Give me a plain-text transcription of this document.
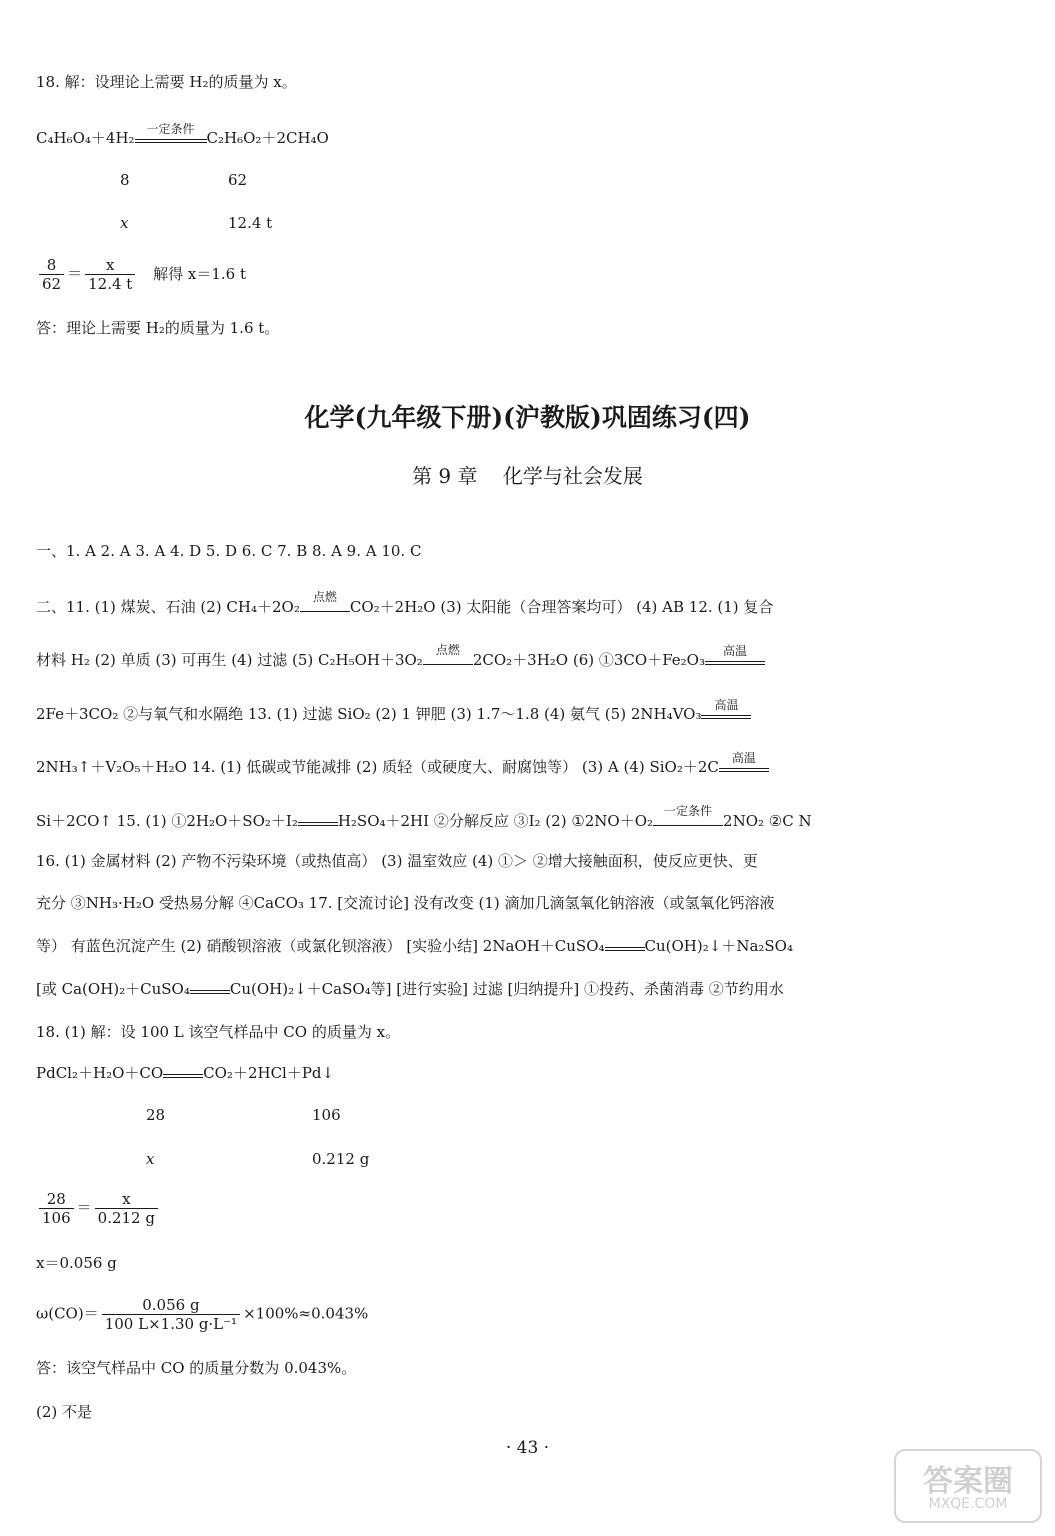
18. 解：设理论上需要 H₂的质量为 x。
C₄H₆O₄＋4H₂ 一定条件 C₂H₆O₂＋2CH₄O
8	62
x	12.4 t
$\frac{8}{62} = \frac{x}{12.4 t}$ 解得 x＝1.6 t
答：理论上需要 H₂的质量为 1.6 t。
化学(九年级下册)(沪教版)巩固练习(四)
第 9 章    化学与社会发展
一、1. A 2. A 3. A 4. D 5. D 6. C 7. B 8. A 9. A 10. C
二、11. (1) 煤炭、石油 (2) CH₄＋2O₂
点燃
CO₂＋2H₂O (3) 太阳能（合理答案均可） (4) AB 12. (1) 复合
材料 H₂ (2) 单质 (3) 可再生 (4) 过滤 (5) C₂H₅OH＋3O₂
点燃
2CO₂＋3H₂O (6) ①3CO＋Fe₂O₃	高温
2Fe＋3CO₂ ②与氧气和水隔绝 13. (1) 过滤 SiO₂ (2) 1 钾肥 (3) 1.7～1.8 (4) 氨气 (5) 2NH₄VO₃	高温
2NH₃↑＋V₂O₅＋H₂O 14. (1) 低碳或节能减排 (2) 质轻（或硬度大、耐腐蚀等） (3) A (4) SiO₂＋2C	高温
Si＋2CO↑ 15. (1) ①2H₂O＋SO₂＋I₂	H₂SO₄＋2HI ②分解反应 ③I₂ (2) ①2NO＋O₂
一定条件
2NO₂ ②C N
16. (1) 金属材料 (2) 产物不污染环境（或热值高） (3) 温室效应 (4) ①＞ ②增大接触面积，使反应更快、更
充分 ③NH₃·H₂O 受热易分解 ④CaCO₃ 17. [交流讨论] 没有改变 (1) 滴加几滴氢氧化钠溶液（或氢氧化钙溶液
等） 有蓝色沉淀产生 (2) 硝酸钡溶液（或氯化钡溶液） [实验小结] 2NaOH＋CuSO₄	Cu(OH)₂↓＋Na₂SO₄
[或 Ca(OH)₂＋CuSO₄	Cu(OH)₂↓＋CaSO₄等] [进行实验] 过滤 [归纳提升] ①投药、杀菌消毒 ②节约用水
18. (1) 解：设 100 L 该空气样品中 CO 的质量为 x。
PdCl₂＋H₂O＋CO	CO₂＋2HCl＋Pd↓
28	106
x	0.212 g
$\frac{28}{106} = \frac{x}{0.212 g}$
x＝0.056 g
$\omega(CO)= \frac{0.056 g}{\text{100 L×1.30 g·L⁻¹}} \times 100\%\approx 0.043\%$
答：该空气样品中 CO 的质量分数为 0.043%。
(2) 不是
· 43 ·
答案圈
MXQE.COM
